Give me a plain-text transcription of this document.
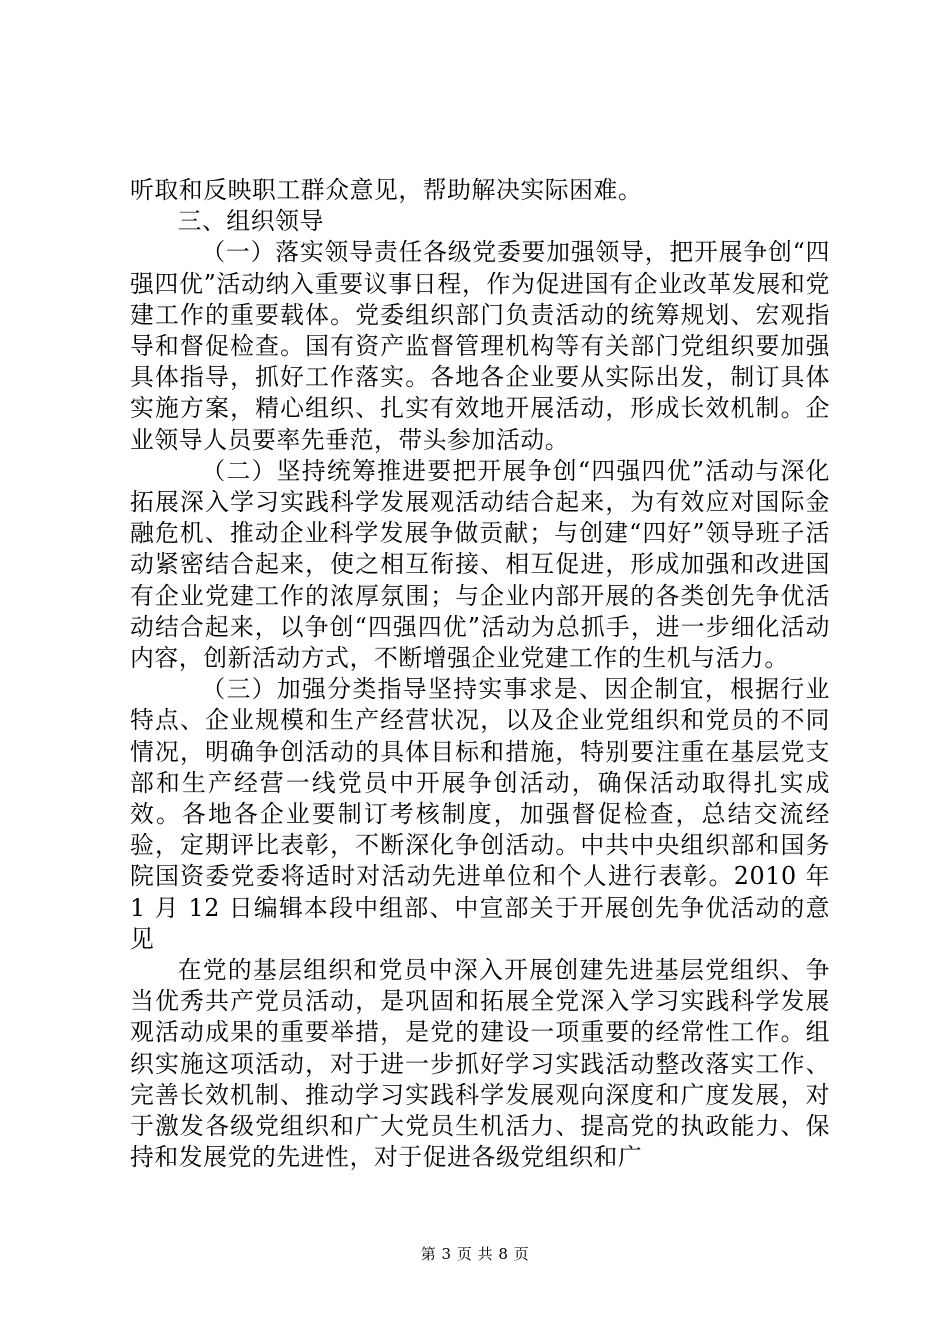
听取和反映职工群众意见，帮助解决实际困难。

三、组织领导

（一）落实领导责任各级党委要加强领导，把开展争创“四强四优”活动纳入重要议事日程，作为促进国有企业改革发展和党建工作的重要载体。党委组织部门负责活动的统筹规划、宏观指导和督促检查。国有资产监督管理机构等有关部门党组织要加强具体指导，抓好工作落实。各地各企业要从实际出发，制订具体实施方案，精心组织、扎实有效地开展活动，形成长效机制。企业领导人员要率先垂范，带头参加活动。

（二）坚持统筹推进要把开展争创“四强四优”活动与深化拓展深入学习实践科学发展观活动结合起来，为有效应对国际金融危机、推动企业科学发展争做贡献；与创建“四好”领导班子活动紧密结合起来，使之相互衔接、相互促进，形成加强和改进国有企业党建工作的浓厚氛围；与企业内部开展的各类创先争优活动结合起来，以争创“四强四优”活动为总抓手，进一步细化活动内容，创新活动方式，不断增强企业党建工作的生机与活力。

（三）加强分类指导坚持实事求是、因企制宜，根据行业特点、企业规模和生产经营状况，以及企业党组织和党员的不同情况，明确争创活动的具体目标和措施，特别要注重在基层党支部和生产经营一线党员中开展争创活动，确保活动取得扎实成效。各地各企业要制订考核制度，加强督促检查，总结交流经验，定期评比表彰，不断深化争创活动。中共中央组织部和国务院国资委党委将适时对活动先进单位和个人进行表彰。2010 年 1 月 12 日编辑本段中组部、中宣部关于开展创先争优活动的意见

在党的基层组织和党员中深入开展创建先进基层党组织、争当优秀共产党员活动，是巩固和拓展全党深入学习实践科学发展观活动成果的重要举措，是党的建设一项重要的经常性工作。组织实施这项活动，对于进一步抓好学习实践活动整改落实工作、完善长效机制、推动学习实践科学发展观向深度和广度发展，对于激发各级党组织和广大党员生机活力、提高党的执政能力、保持和发展党的先进性，对于促进各级党组织和广

第 3 页 共 8 页
